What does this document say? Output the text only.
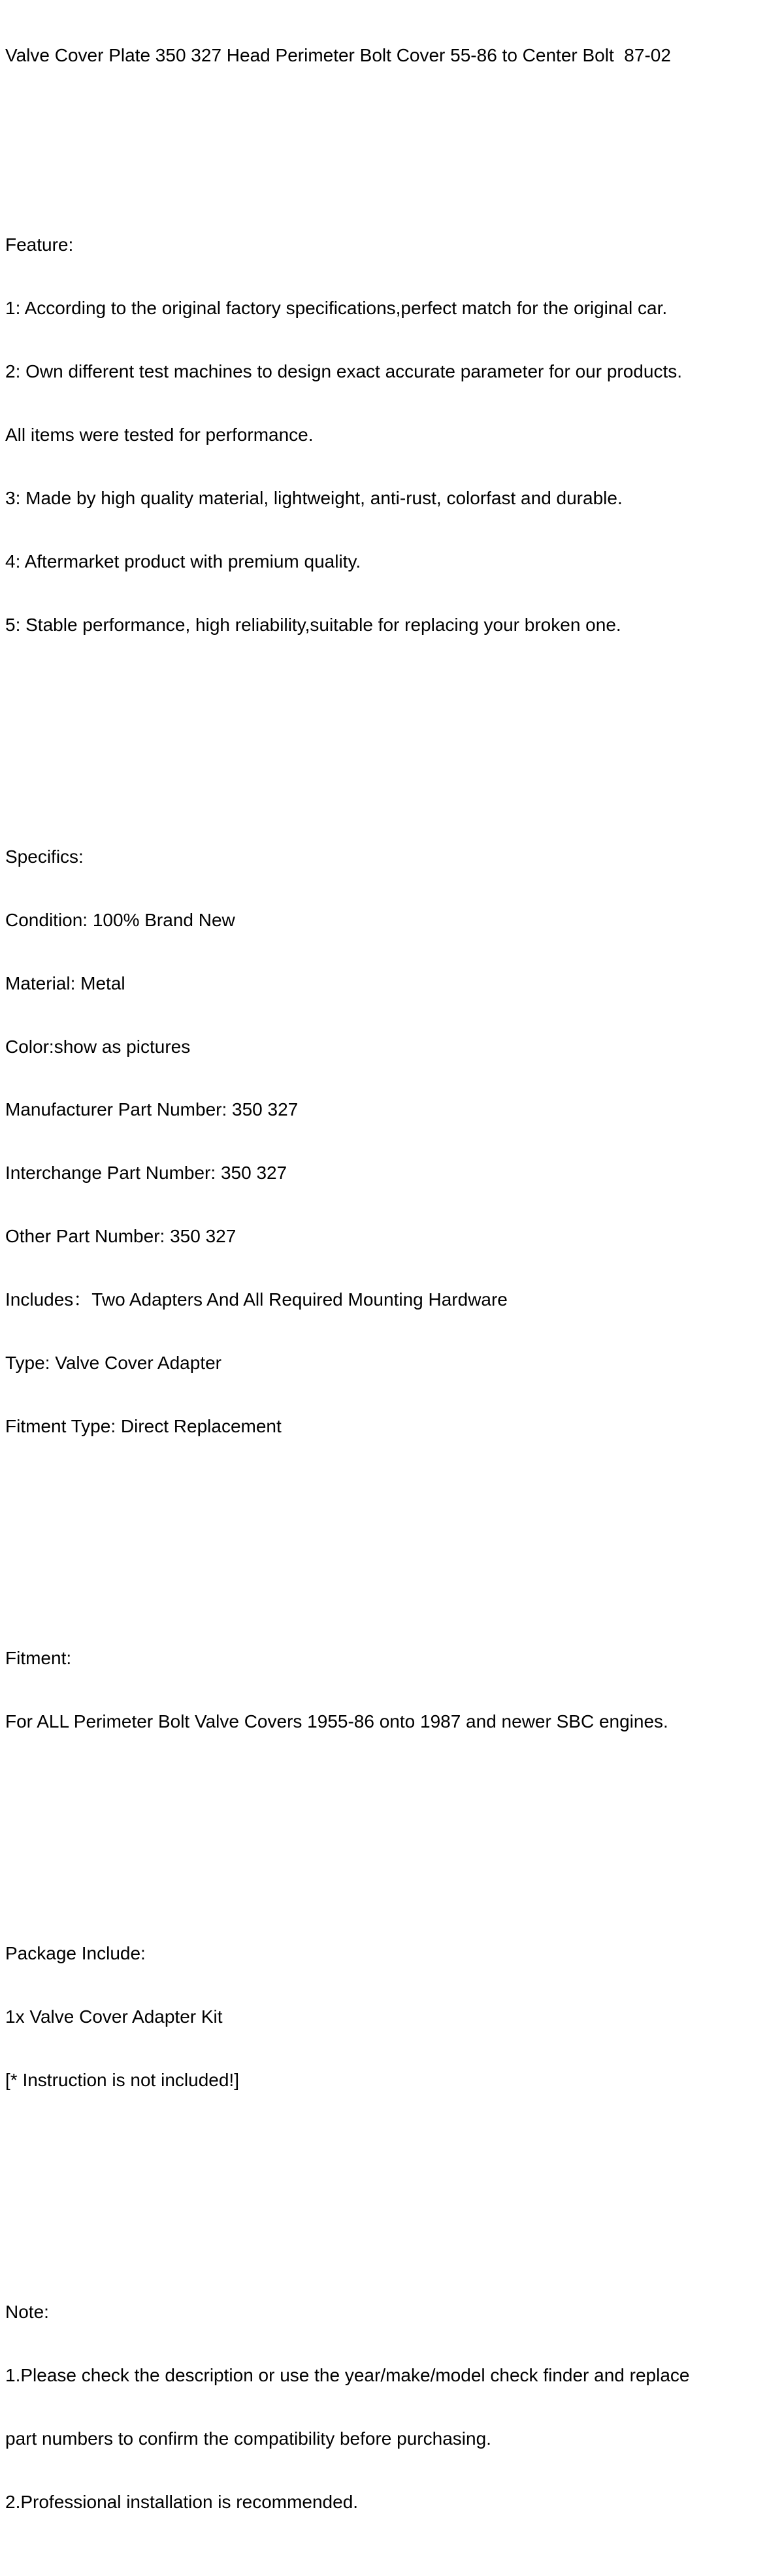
Valve Cover Plate 350 327 Head Perimeter Bolt Cover 55-86 to Center Bolt  87-02

Feature:

1: According to the original factory specifications,perfect match for the original car.

2: Own different test machines to design exact accurate parameter for our products.

All items were tested for performance.

3: Made by high quality material, lightweight, anti-rust, colorfast and durable.

4: Aftermarket product with premium quality.

5: Stable performance, high reliability,suitable for replacing your broken one.

Specifics:

Condition: 100% Brand New

Material: Metal

Color:show as pictures

Manufacturer Part Number: 350 327

Interchange Part Number: 350 327

Other Part Number: 350 327

Includes：Two Adapters And All Required Mounting Hardware

Type: Valve Cover Adapter

Fitment Type: Direct Replacement

Fitment:

For ALL Perimeter Bolt Valve Covers 1955-86 onto 1987 and newer SBC engines.

Package Include:

1x Valve Cover Adapter Kit

[* Instruction is not included!]

Note:

1.Please check the description or use the year/make/model check finder and replace

part numbers to confirm the compatibility before purchasing.

2.Professional installation is recommended.
